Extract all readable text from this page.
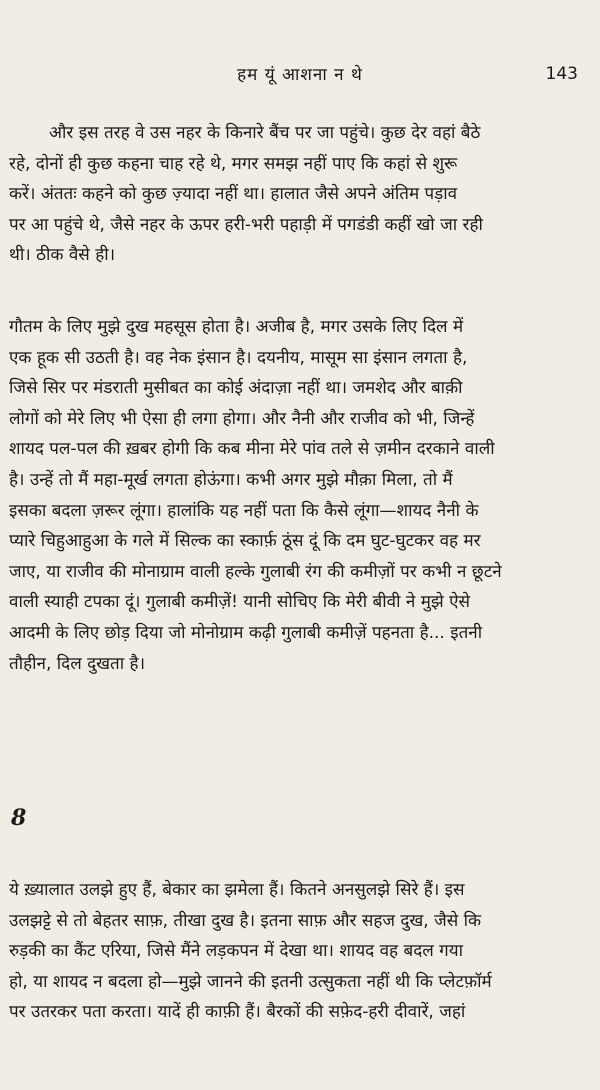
हम यूं आशना न थे	143
और इस तरह वे उस नहर के किनारे बैंच पर जा पहुंचे। कुछ देर वहां बैठे
रहे, दोनों ही कुछ कहना चाह रहे थे, मगर समझ नहीं पाए कि कहां से शुरू
करें। अंततः कहने को कुछ ज़्यादा नहीं था। हालात जैसे अपने अंतिम पड़ाव
पर आ पहुंचे थे, जैसे नहर के ऊपर हरी-भरी पहाड़ी में पगडंडी कहीं खो जा रही
थी। ठीक वैसे ही।
गौतम के लिए मुझे दुख महसूस होता है। अजीब है, मगर उसके लिए दिल में
एक हूक सी उठती है। वह नेक इंसान है। दयनीय, मासूम सा इंसान लगता है,
जिसे सिर पर मंडराती मुसीबत का कोई अंदाज़ा नहीं था। जमशेद और बाक़ी
लोगों को मेरे लिए भी ऐसा ही लगा होगा। और नैनी और राजीव को भी, जिन्हें
शायद पल-पल की ख़बर होगी कि कब मीना मेरे पांव तले से ज़मीन दरकाने वाली
है। उन्हें तो मैं महा-मूर्ख लगता होऊंगा। कभी अगर मुझे मौक़ा मिला, तो मैं
इसका बदला ज़रूर लूंगा। हालांकि यह नहीं पता कि कैसे लूंगा—शायद नैनी के
प्यारे चिहुआहुआ के गले में सिल्क का स्कार्फ़ ठूंस दूं कि दम घुट-घुटकर वह मर
जाए, या राजीव की मोनाग्राम वाली हल्के गुलाबी रंग की कमीज़ों पर कभी न छूटने
वाली स्याही टपका दूं। गुलाबी कमीज़ें! यानी सोचिए कि मेरी बीवी ने मुझे ऐसे
आदमी के लिए छोड़ दिया जो मोनोग्राम कढ़ी गुलाबी कमीज़ें पहनता है... इतनी
तौहीन, दिल दुखता है।
8
ये ख़्यालात उलझे हुए हैं, बेकार का झमेला हैं। कितने अनसुलझे सिरे हैं। इस
उलझट्टे से तो बेहतर साफ़, तीखा दुख है। इतना साफ़ और सहज दुख, जैसे कि
रुड़की का कैंट एरिया, जिसे मैंने लड़कपन में देखा था। शायद वह बदल गया
हो, या शायद न बदला हो—मुझे जानने की इतनी उत्सुकता नहीं थी कि प्लेटफ़ॉर्म
पर उतरकर पता करता। यादें ही काफ़ी हैं। बैरकों की सफ़ेद-हरी दीवारें, जहां
